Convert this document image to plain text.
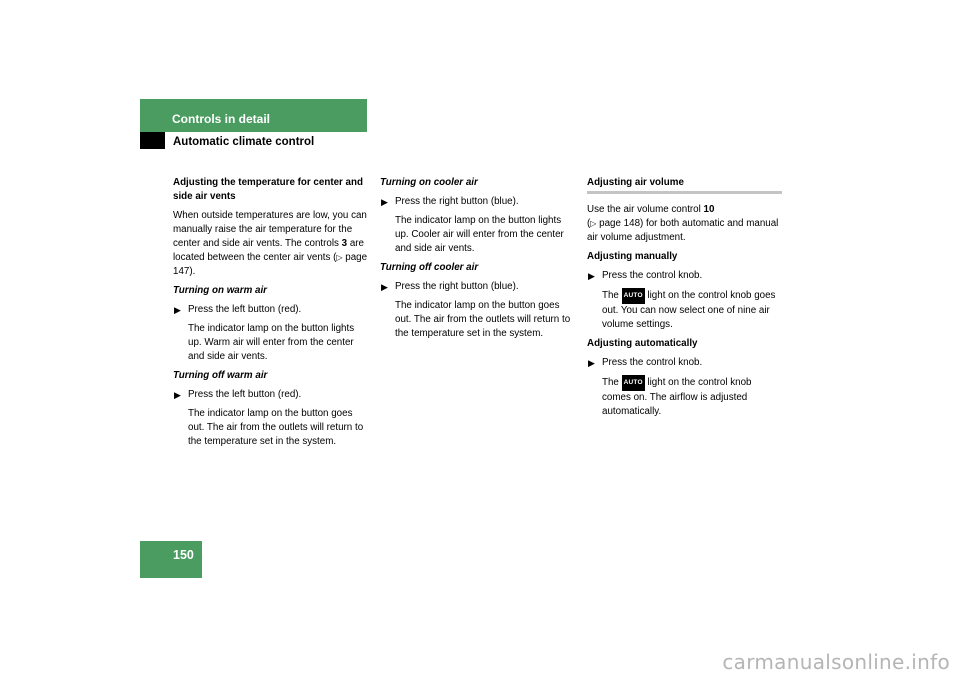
Controls in detail
Automatic climate control

Adjusting the temperature for center and side air vents

When outside temperatures are low, you can manually raise the air temperature for the center and side air vents. The controls 3 are located between the center air vents (▷ page 147).

Turning on warm air

▶ Press the left button (red).

The indicator lamp on the button lights up. Warm air will enter from the center and side air vents.

Turning off warm air

▶ Press the left button (red).

The indicator lamp on the button goes out. The air from the outlets will return to the temperature set in the system.

Turning on cooler air

▶ Press the right button (blue).

The indicator lamp on the button lights up. Cooler air will enter from the center and side air vents.

Turning off cooler air

▶ Press the right button (blue).

The indicator lamp on the button goes out. The air from the outlets will return to the temperature set in the system.

Adjusting air volume

Use the air volume control 10
(▷ page 148) for both automatic and manual air volume adjustment.

Adjusting manually

▶ Press the control knob.

The AUTO light on the control knob goes out. You can now select one of nine air volume settings.

Adjusting automatically

▶ Press the control knob.

The AUTO light on the control knob comes on. The airflow is adjusted automatically.

150
carmanualsonline.info
